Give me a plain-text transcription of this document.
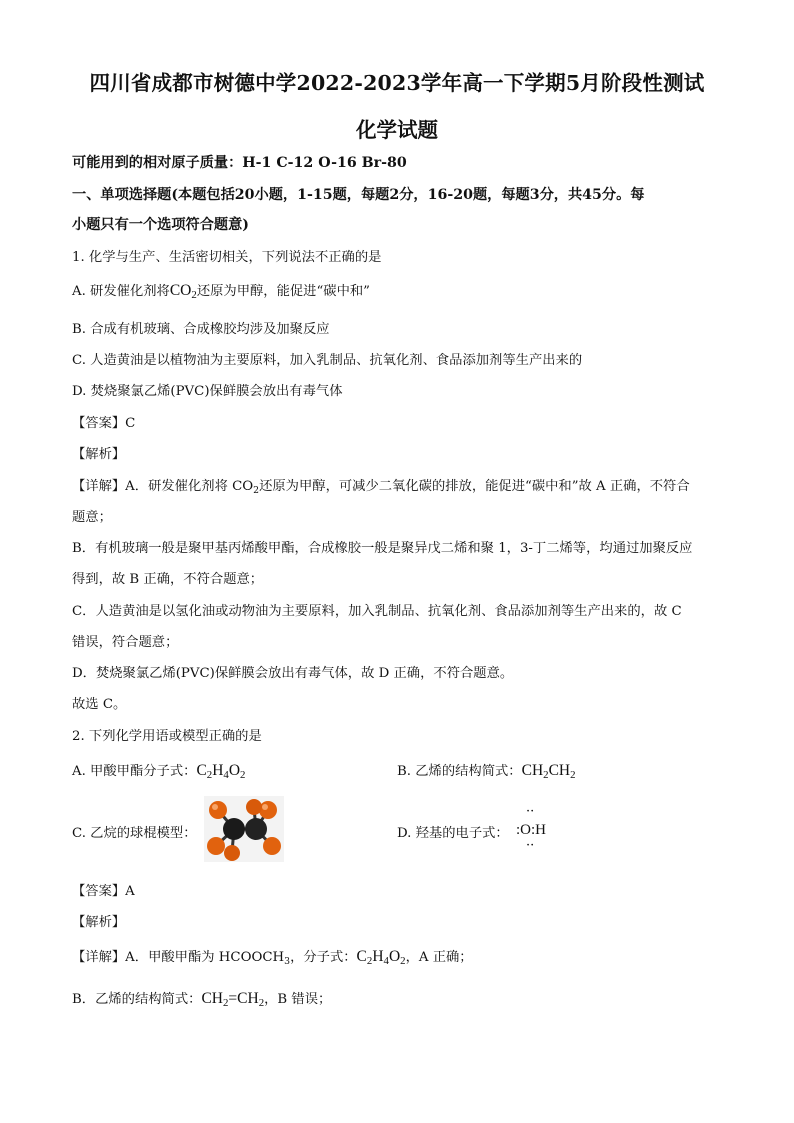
四川省成都市树德中学2022-2023学年高一下学期5月阶段性测试
化学试题
可能用到的相对原子质量：H-1 C-12 O-16 Br-80
一、单项选择题(本题包括20小题，1-15题，每题2分，16-20题，每题3分，共45分。每
小题只有一个选项符合题意)
1. 化学与生产、生活密切相关，下列说法不正确的是
A. 研发催化剂将$CO_2$还原为甲醇，能促进“碳中和”
B. 合成有机玻璃、合成橡胶均涉及加聚反应
C. 人造黄油是以植物油为主要原料，加入乳制品、抗氧化剂、食品添加剂等生产出来的
D. 焚烧聚氯乙烯(PVC)保鲜膜会放出有毒气体
【答案】C
【解析】
【详解】A．研发催化剂将 $CO_2$还原为甲醇，可减少二氧化碳的排放，能促进“碳中和”故 A 正确，不符合
题意；
B．有机玻璃一般是聚甲基丙烯酸甲酯，合成橡胶一般是聚异戊二烯和聚 1，3-丁二烯等，均通过加聚反应
得到，故 B 正确，不符合题意；
C．人造黄油是以氢化油或动物油为主要原料，加入乳制品、抗氧化剂、食品添加剂等生产出来的，故 C
错误，符合题意；
D．焚烧聚氯乙烯(PVC)保鲜膜会放出有毒气体，故 D 正确，不符合题意。
故选 C。
2. 下列化学用语或模型正确的是
A. 甲酸甲酯分子式：$C_2H_4O_2$	B. 乙烯的结构简式：$CH_2CH_2$
C. 乙烷的球棍模型：	D. 羟基的电子式：
··
:O:H
··
【答案】A
【解析】
【详解】A．甲酸甲酯为 $HCOOCH_3$，分子式：$C_2H_4O_2$，A 正确；
B．乙烯的结构简式：$CH_2=CH_2$，B 错误；
